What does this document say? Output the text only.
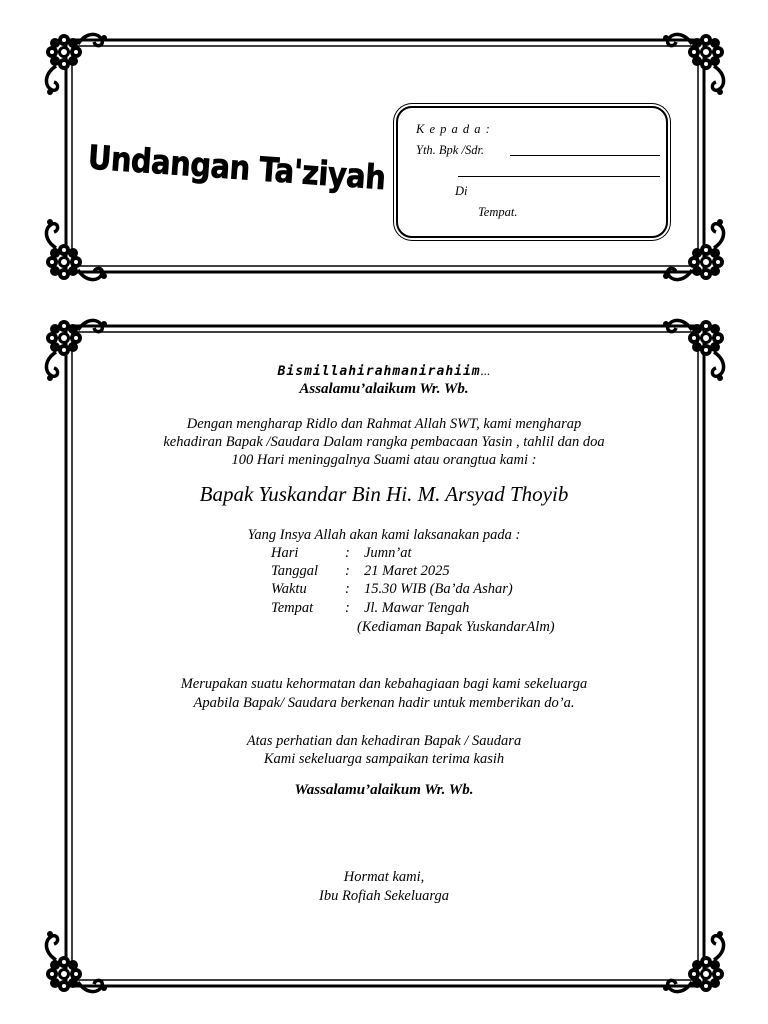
Undangan Ta'ziyah
K e p a d a :
Yth. Bpk /Sdr.
Di
Tempat.
Bismillahirahmanirahiim...
Assalamu’alaikum Wr. Wb.
Dengan mengharap Ridlo dan Rahmat Allah SWT, kami mengharap
kehadiran Bapak /Saudara Dalam rangka pembacaan Yasin , tahlil dan doa
100 Hari meninggalnya Suami atau orangtua kami :
Bapak Yuskandar Bin Hi. M. Arsyad Thoyib
Yang Insya Allah akan kami laksanakan pada :
Hari	: Jumn’at
Tanggal : 21 Maret 2025
Waktu	: 15.30 WIB (Ba’da Ashar)
Tempat : Jl. Mawar Tengah
(Kediaman Bapak YuskandarAlm)
Merupakan suatu kehormatan dan kebahagiaan bagi kami sekeluarga
Apabila Bapak/ Saudara berkenan hadir untuk memberikan do’a.
Atas perhatian dan kehadiran Bapak / Saudara
Kami sekeluarga sampaikan terima kasih
Wassalamu’alaikum Wr. Wb.
Hormat kami,
Ibu Rofiah Sekeluarga
